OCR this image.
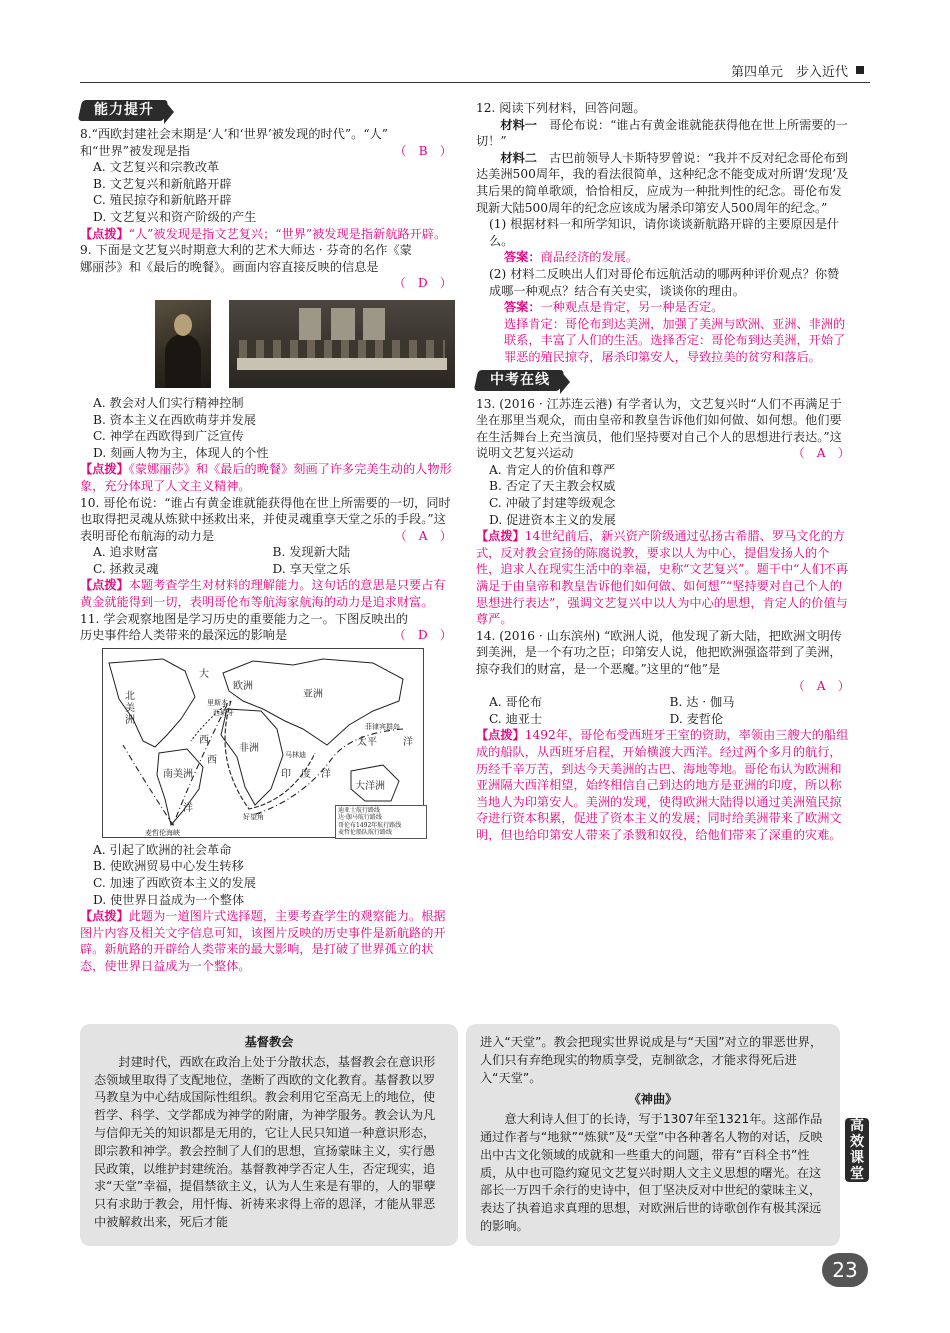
第四单元　 步入近代
能力提升

8.“西欧封建社会末期是‘人’和‘世界’被发现的时代”。“人”

和“世界”被发现是指	（　B　）

A. 文艺复兴和宗教改革

B. 文艺复兴和新航路开辟

C. 殖民掠夺和新航路开辟

D. 文艺复兴和资产阶级的产生

【点拨】“人”被发现是指文艺复兴；“世界”被发现是指新航路开辟。

9. 下面是文艺复兴时期意大利的艺术大师达 · 芬奇的名作《蒙

娜丽莎》和《最后的晚餐》。画面内容直接反映的信息是

（　D　）

A. 教会对人们实行精神控制

B. 资本主义在西欧萌芽并发展

C. 神学在西欧得到广泛宣传

D. 刻画人物为主，体现人的个性

【点拨】《蒙娜丽莎》和《最后的晚餐》刻画了许多完美生动的人物形象，充分体现了人文主义精神。

10. 哥伦布说：“谁占有黄金谁就能获得他在世上所需要的一切，同时也取得把灵魂从炼狱中拯救出来，并使灵魂重享天堂之乐的手段。”这表明哥伦布航海的动力是	（　A　）

A. 追求财富	B. 发现新大陆

C. 拯救灵魂	D. 享天堂之乐

【点拨】本题考查学生对材料的理解能力。这句话的意思是只要占有黄金就能得到一切，表明哥伦布等航海家航海的动力是追求财富。

11. 学会观察地图是学习历史的重要能力之一。下图反映出的

历史事件给人类带来的最深远的影响是	（　D　）

北美洲
欧洲
亚洲
非洲
南美洲
大洋洲
西
大
西
太平	洋
印　度　洋
洋
里斯本
西班牙
好望角
麦哲伦海峡
菲律宾群岛
马林迪
迪亚士航行路线
达·伽马航行路线
哥伦布1492年航行路线
麦哲伦船队航行路线

A. 引起了欧洲的社会革命

B. 使欧洲贸易中心发生转移

C. 加速了西欧资本主义的发展

D. 使世界日益成为一个整体

【点拨】此题为一道图片式选择题，主要考查学生的观察能力。根据图片内容及相关文字信息可知，该图片反映的历史事件是新航路的开辟。新航路的开辟给人类带来的最大影响，是打破了世界孤立的状态，使世界日益成为一个整体。

12. 阅读下列材料，回答问题。

材料一　 哥伦布说：“谁占有黄金谁就能获得他在世上所需要的一切！”

材料二　 古巴前领导人卡斯特罗曾说：“我并不反对纪念哥伦布到达美洲500周年，我的看法很简单，这种纪念不能变成对所谓‘发现’及其后果的简单歌颂，恰恰相反，应成为一种批判性的纪念。哥伦布发现新大陆500周年的纪念应该成为屠杀印第安人500周年的纪念。”

(1) 根据材料一和所学知识，请你谈谈新航路开辟的主要原因是什么。

答案：商品经济的发展。

(2) 材料二反映出人们对哥伦布远航活动的哪两种评价观点？你赞成哪一种观点？结合有关史实，谈谈你的理由。

答案：一种观点是肯定，另一种是否定。

选择肯定：哥伦布到达美洲，加强了美洲与欧洲、亚洲、非洲的联系，丰富了人们的生活。选择否定：哥伦布到达美洲，开始了罪恶的殖民掠夺，屠杀印第安人，导致拉美的贫穷和落后。

中考在线

13. (2016 · 江苏连云港) 有学者认为，文艺复兴时“人们不再满足于坐在那里当观众，而由皇帝和教皇告诉他们如何做、如何想。他们要在生活舞台上充当演员，他们坚持要对自己个人的思想进行表达。”这说明文艺复兴运动	（　A　）

A. 肯定人的价值和尊严

B. 否定了天主教会权威

C. 冲破了封建等级观念

D. 促进资本主义的发展

【点拨】14世纪前后，新兴资产阶级通过弘扬古希腊、罗马文化的方式，反对教会宣扬的陈腐说教，要求以人为中心，提倡发扬人的个性，追求人在现实生活中的幸福，史称“文艺复兴”。题干中“人们不再满足于由皇帝和教皇告诉他们如何做、如何想”“坚持要对自己个人的思想进行表达”，强调文艺复兴中以人为中心的思想，肯定人的价值与尊严。

14. (2016 · 山东滨州) “欧洲人说，他发现了新大陆，把欧洲文明传到美洲，是一个有功之臣；印第安人说，他把欧洲强盗带到了美洲，掠夺我们的财富，是一个恶魔。”这里的“他”是

（　A　）

A. 哥伦布	B. 达 · 伽马

C. 迪亚士	D. 麦哲伦

【点拨】1492年，哥伦布受西班牙王室的资助，率领由三艘大的船组成的船队，从西班牙启程，开始横渡大西洋。经过两个多月的航行，历经千辛万苦，到达今天美洲的古巴、海地等地。哥伦布认为欧洲和亚洲隔大西洋相望，始终相信自己到达的地方是亚洲的印度，所以称当地人为印第安人。美洲的发现，使得欧洲大陆得以通过美洲殖民掠夺进行资本积累，促进了资本主义的发展；同时给美洲带来了欧洲文明，但也给印第安人带来了杀戮和奴役，给他们带来了深重的灾难。

基督教会

封建时代，西欧在政治上处于分散状态，基督教会在意识形态领域里取得了支配地位，垄断了西欧的文化教育。基督教以罗马教皇为中心结成国际性组织。教会利用它至高无上的地位，使哲学、科学、文学都成为神学的附庸，为神学服务。教会认为凡与信仰无关的知识都是无用的，它让人民只知道一种意识形态，即宗教和神学。教会控制了人们的思想，宣扬蒙昧主义，实行愚民政策，以维护封建统治。基督教神学否定人生，否定现实，追求“天堂”幸福，提倡禁欲主义，认为人生来是有罪的，人的罪孽只有求助于教会，用忏悔、祈祷来求得上帝的恩泽，才能从罪恶中被解救出来，死后才能

进入“天堂”。教会把现实世界说成是与“天国”对立的罪恶世界，人们只有弃绝现实的物质享受，克制欲念，才能求得死后进入“天堂”。

《神曲》

意大利诗人但丁的长诗，写于1307年至1321年。这部作品通过作者与“地狱”“炼狱”及“天堂”中各种著名人物的对话，反映出中古文化领域的成就和一些重大的问题，带有“百科全书”性质，从中也可隐约窥见文艺复兴时期人文主义思想的曙光。在这部长一万四千余行的史诗中，但丁坚决反对中世纪的蒙昧主义，表达了执着追求真理的思想，对欧洲后世的诗歌创作有极其深远的影响。

高
效
课
堂
23
